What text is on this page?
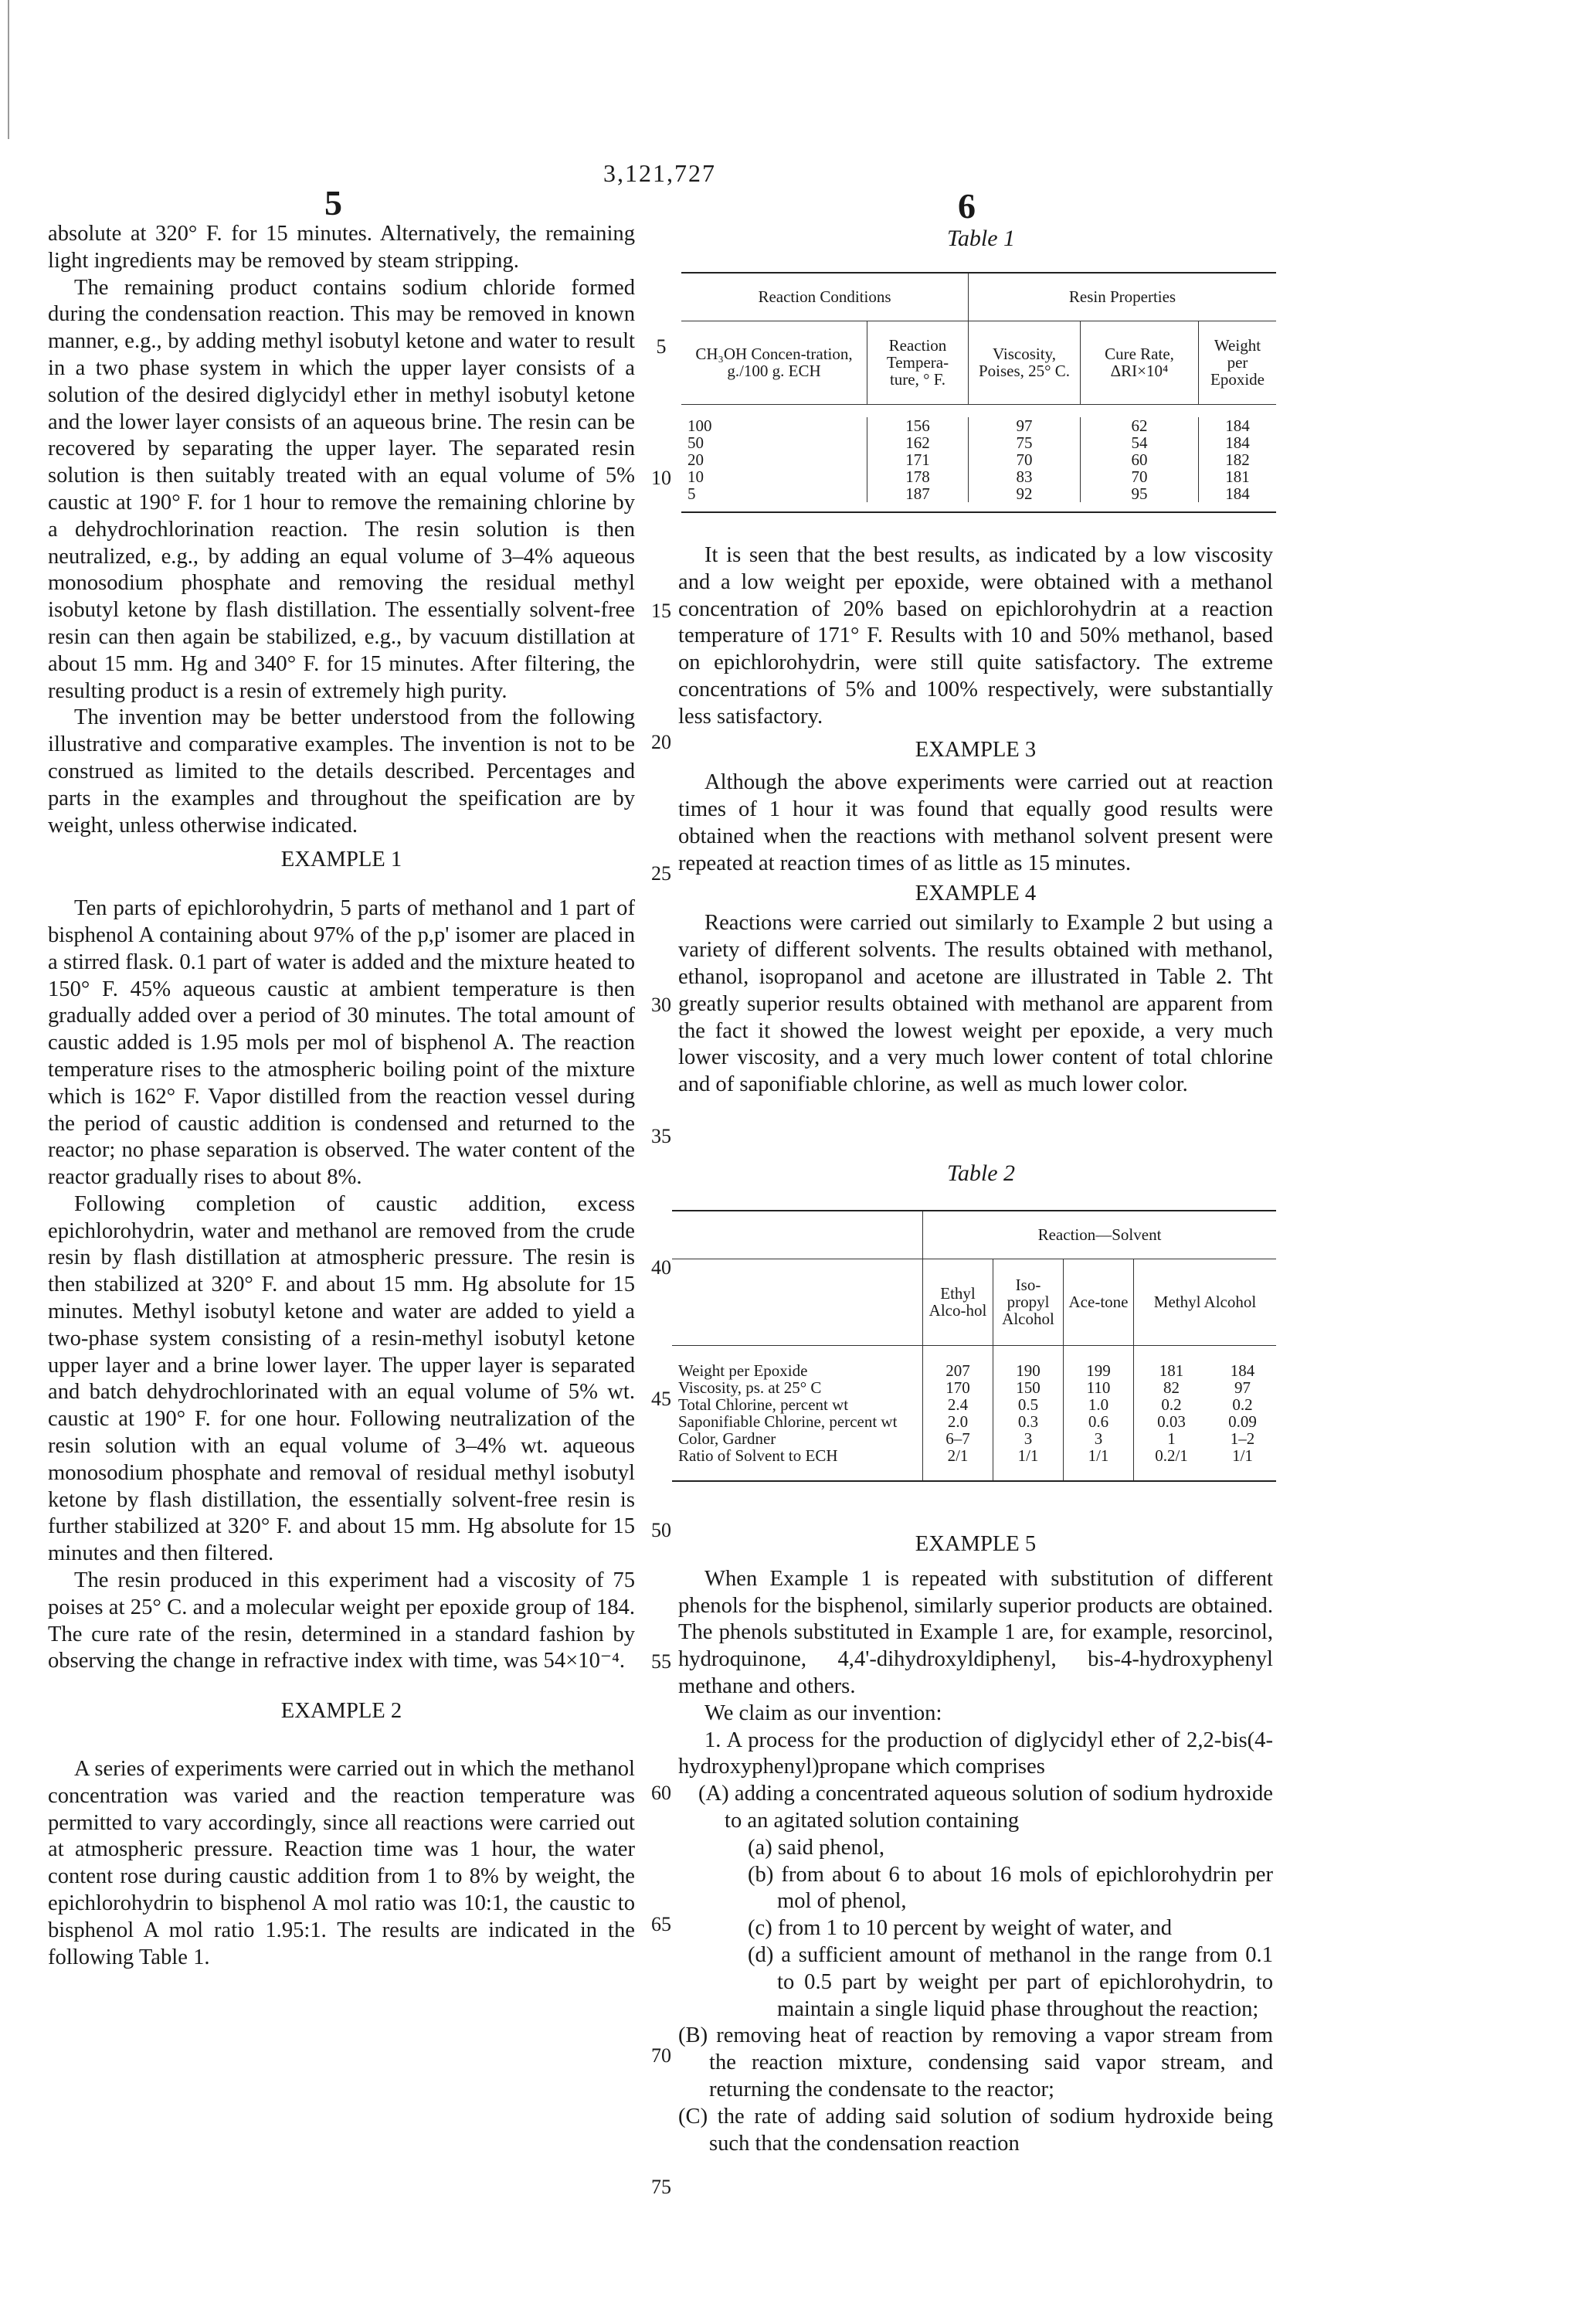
3,121,727
5	6

absolute at 320° F. for 15 minutes. Alternatively, the remaining light ingredients may be removed by steam stripping.

The remaining product contains sodium chloride formed during the condensation reaction. This may be removed in known manner, e.g., by adding methyl isobutyl ketone and water to result in a two phase system in which the upper layer consists of a solution of the desired diglycidyl ether in methyl isobutyl ketone and the lower layer consists of an aqueous brine. The resin can be recovered by separating the upper layer. The separated resin solution is then suitably treated with an equal volume of 5% caustic at 190° F. for 1 hour to remove the remaining chlorine by a dehydrochlorination reaction. The resin solution is then neutralized, e.g., by adding an equal volume of 3–4% aqueous monosodium phosphate and removing the residual methyl isobutyl ketone by flash distillation. The essentially solvent-free resin can then again be stabilized, e.g., by vacuum distillation at about 15 mm. Hg and 340° F. for 15 minutes. After filtering, the resulting product is a resin of extremely high purity.

The invention may be better understood from the following illustrative and comparative examples. The invention is not to be construed as limited to the details described. Percentages and parts in the examples and throughout the speification are by weight, unless otherwise indicated.

EXAMPLE 1

Ten parts of epichlorohydrin, 5 parts of methanol and 1 part of bisphenol A containing about 97% of the p,p' isomer are placed in a stirred flask. 0.1 part of water is added and the mixture heated to 150° F. 45% aqueous caustic at ambient temperature is then gradually added over a period of 30 minutes. The total amount of caustic added is 1.95 mols per mol of bisphenol A. The reaction temperature rises to the atmospheric boiling point of the mixture which is 162° F. Vapor distilled from the reaction vessel during the period of caustic addition is condensed and returned to the reactor; no phase separation is observed. The water content of the reactor gradually rises to about 8%.

Following completion of caustic addition, excess epichlorohydrin, water and methanol are removed from the crude resin by flash distillation at atmospheric pressure. The resin is then stabilized at 320° F. and about 15 mm. Hg absolute for 15 minutes. Methyl isobutyl ketone and water are added to yield a two-phase system consisting of a resin-methyl isobutyl ketone upper layer and a brine lower layer. The upper layer is separated and batch dehydrochlorinated with an equal volume of 5% wt. caustic at 190° F. for one hour. Following neutralization of the resin solution with an equal volume of 3–4% wt. aqueous monosodium phosphate and removal of residual methyl isobutyl ketone by flash distillation, the essentially solvent-free resin is further stabilized at 320° F. and about 15 mm. Hg absolute for 15 minutes and then filtered.

The resin produced in this experiment had a viscosity of 75 poises at 25° C. and a molecular weight per epoxide group of 184. The cure rate of the resin, determined in a standard fashion by observing the change in refractive index with time, was 54×10⁻⁴.

EXAMPLE 2

A series of experiments were carried out in which the methanol concentration was varied and the reaction temperature was permitted to vary accordingly, since all reactions were carried out at atmospheric pressure. Reaction time was 1 hour, the water content rose during caustic addition from 1 to 8% by weight, the epichlorohydrin to bisphenol A mol ratio was 10:1, the caustic to bisphenol A mol ratio 1.95:1. The results are indicated in the following Table 1.

5
10
15
20
25
30
35
40
45
50
55
60
65
70
75
Table 1
Reaction Conditions		Resin Properties		
CH₃OH Concen-tration, g./100 g. ECH	Reaction Tempera-ture, ° F.	Viscosity, Poises, 25° C.	Cure Rate, ΔRI×10⁴	Weight per Epoxide

100	156	97	62	184
50	162	75	54	184
20	171	70	60	182
10	178	83	70	181
5	187	92	95	184

It is seen that the best results, as indicated by a low viscosity and a low weight per epoxide, were obtained with a methanol concentration of 20% based on epichlorohydrin at a reaction temperature of 171° F. Results with 10 and 50% methanol, based on epichlorohydrin, were still quite satisfactory. The extreme concentrations of 5% and 100% respectively, were substantially less satisfactory.

EXAMPLE 3

Although the above experiments were carried out at reaction times of 1 hour it was found that equally good results were obtained when the reactions with methanol solvent present were repeated at reaction times of as little as 15 minutes.

EXAMPLE 4

Reactions were carried out similarly to Example 2 but using a variety of different solvents. The results obtained with methanol, ethanol, isopropanol and acetone are illustrated in Table 2. Tht greatly superior results obtained with methanol are apparent from the fact it showed the lowest weight per epoxide, a very much lower viscosity, and a very much lower content of total chlorine and of saponifiable chlorine, as well as much lower color.

Table 2
	Reaction—Solvent				
	Ethyl Alco-hol	Iso-propyl Alcohol	Ace-tone	Methyl Alcohol	

Weight per Epoxide	207	190	199	181	184
Viscosity, ps. at 25° C	170	150	110	82	97
Total Chlorine, percent wt	2.4	0.5	1.0	0.2	0.2
Saponifiable Chlorine, percent wt	2.0	0.3	0.6	0.03	0.09
Color, Gardner	6–7	3	3	1	1–2
Ratio of Solvent to ECH	2/1	1/1	1/1	0.2/1	1/1

EXAMPLE 5

When Example 1 is repeated with substitution of different phenols for the bisphenol, similarly superior products are obtained. The phenols substituted in Example 1 are, for example, resorcinol, hydroquinone, 4,4'-dihydroxyldiphenyl, bis-4-hydroxyphenyl methane and others.

We claim as our invention:

1. A process for the production of diglycidyl ether of 2,2-bis(4-hydroxyphenyl)propane which comprises

(A) adding a concentrated aqueous solution of sodium hydroxide to an agitated solution containing

(a) said phenol,

(b) from about 6 to about 16 mols of epichlorohydrin per mol of phenol,

(c) from 1 to 10 percent by weight of water, and

(d) a sufficient amount of methanol in the range from 0.1 to 0.5 part by weight per part of epichlorohydrin, to maintain a single liquid phase throughout the reaction;

(B) removing heat of reaction by removing a vapor stream from the reaction mixture, condensing said vapor stream, and returning the condensate to the reactor;

(C) the rate of adding said solution of sodium hydroxide being such that the condensation reaction
